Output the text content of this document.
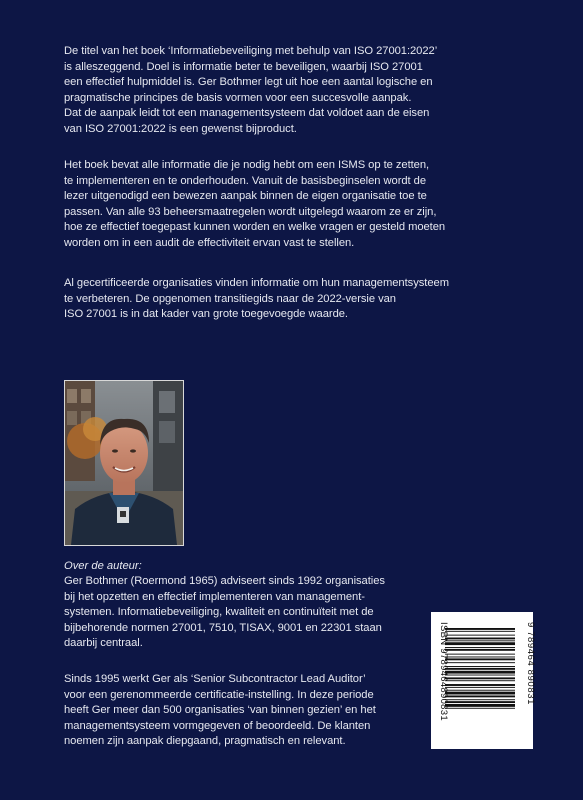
De titel van het boek ‘Informatiebeveiliging met behulp van ISO 27001:2022’
is alleszeggend. Doel is informatie beter te beveiligen, waarbij ISO 27001
een effectief hulpmiddel is. Ger Bothmer legt uit hoe een aantal logische en
pragmatische principes de basis vormen voor een succesvolle aanpak.
Dat de aanpak leidt tot een managementsysteem dat voldoet aan de eisen
van ISO 27001:2022 is een gewenst bijproduct.

Het boek bevat alle informatie die je nodig hebt om een ISMS op te zetten,
te implementeren en te onderhouden. Vanuit de basisbeginselen wordt de
lezer uitgenodigd een bewezen aanpak binnen de eigen organisatie toe te
passen. Van alle 93 beheersmaatregelen wordt uitgelegd waarom ze er zijn,
hoe ze effectief toegepast kunnen worden en welke vragen er gesteld moeten
worden om in een audit de effectiviteit ervan vast te stellen.

Al gecertificeerde organisaties vinden informatie om hun managementsysteem
te verbeteren. De opgenomen transitiegids naar de 2022-versie van
ISO 27001 is in dat kader van grote toegevoegde waarde.

Over de auteur:

Ger Bothmer (Roermond 1965) adviseert sinds 1992 organisaties
bij het opzetten en effectief implementeren van management-
systemen. Informatiebeveiliging, kwaliteit en continuïteit met de
bijbehorende normen 27001, 7510, TISAX, 9001 en 22301 staan
daarbij centraal.

Sinds 1995 werkt Ger als ‘Senior Subcontractor Lead Auditor’
voor een gerenommeerde certificatie-instelling. In deze periode
heeft Ger meer dan 500 organisaties ‘van binnen gezien’ en het
managementsysteem vormgegeven of beoordeeld. De klanten
noemen zijn aanpak diepgaand, pragmatisch en relevant.

ISBN 9789464890831	9 789464 890831
